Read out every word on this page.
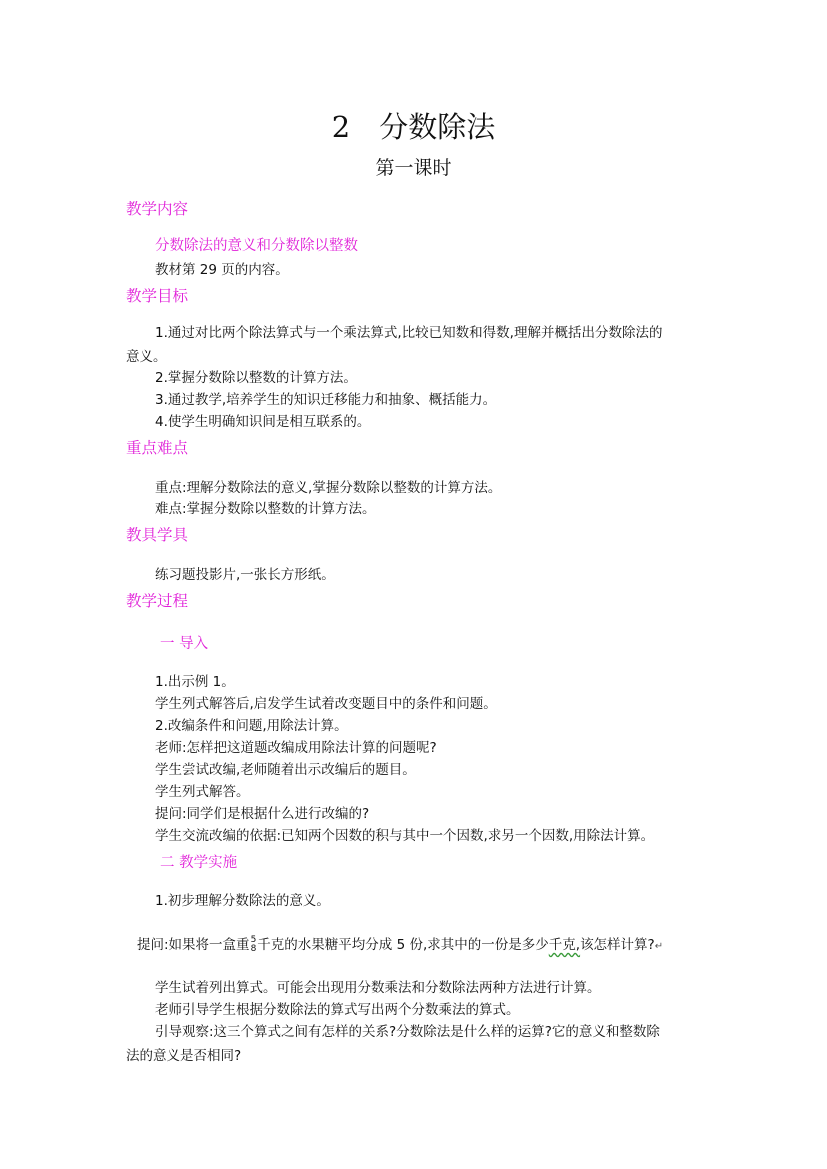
2　分数除法
第一课时
教学内容
分数除法的意义和分数除以整数
教材第 29 页的内容。
教学目标
1.通过对比两个除法算式与一个乘法算式,比较已知数和得数,理解并概括出分数除法的
意义。
2.掌握分数除以整数的计算方法。
3.通过教学,培养学生的知识迁移能力和抽象、概括能力。
4.使学生明确知识间是相互联系的。
重点难点
重点:理解分数除法的意义,掌握分数除以整数的计算方法。
难点:掌握分数除以整数的计算方法。
教具学具
练习题投影片,一张长方形纸。
教学过程
一 导入
1.出示例 1。
学生列式解答后,启发学生试着改变题目中的条件和问题。
2.改编条件和问题,用除法计算。
老师:怎样把这道题改编成用除法计算的问题呢?
学生尝试改编,老师随着出示改编后的题目。
学生列式解答。
提问:同学们是根据什么进行改编的?
学生交流改编的依据:已知两个因数的积与其中一个因数,求另一个因数,用除法计算。
二 教学实施
1.初步理解分数除法的意义。
提问:如果将一盒重 5
8 千克的水果糖平均分成 5 份,求其中的一份是多少千克,该怎样计算?↵
学生试着列出算式。可能会出现用分数乘法和分数除法两种方法进行计算。
老师引导学生根据分数除法的算式写出两个分数乘法的算式。
引导观察:这三个算式之间有怎样的关系?分数除法是什么样的运算?它的意义和整数除
法的意义是否相同?
